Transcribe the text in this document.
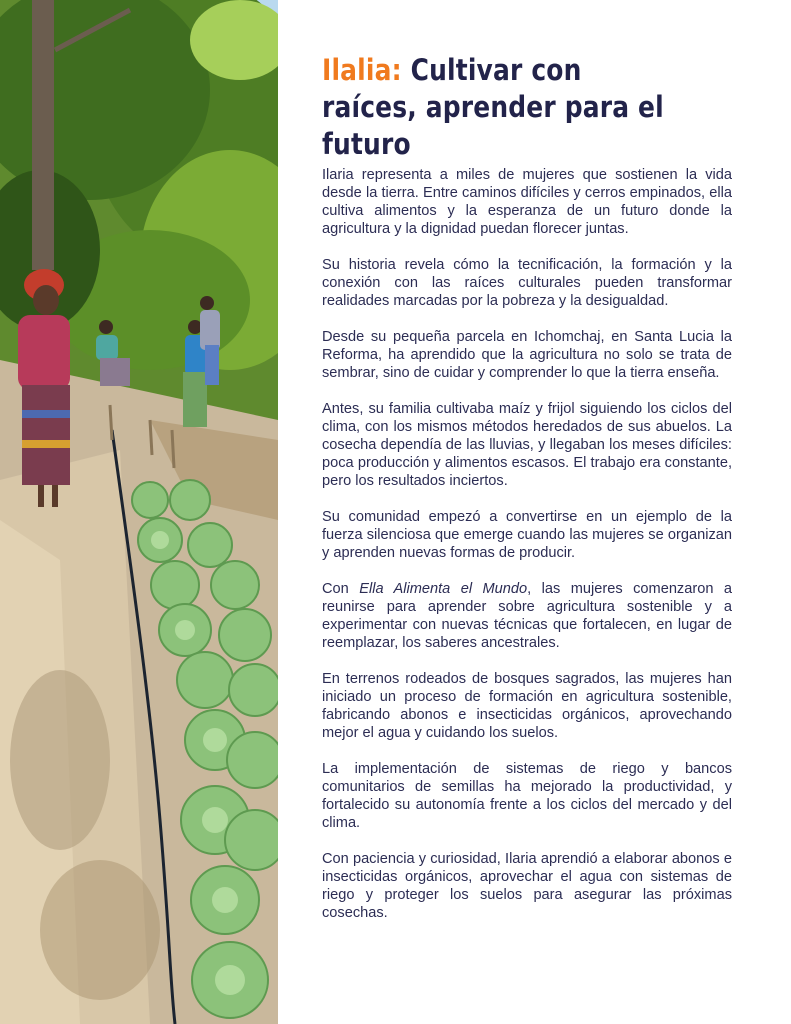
Ilalia: Cultivar con raíces, aprender para el futuro

Ilaria representa a miles de mujeres que sostienen la vida desde la tierra. Entre caminos difíciles y cerros empinados, ella cultiva alimentos y la esperanza de un futuro donde la agricultura y la dignidad puedan florecer juntas.

Su historia revela cómo la tecnificación, la formación y la conexión con las raíces culturales pueden transformar realidades marcadas por la pobreza y la desigualdad.

Desde su pequeña parcela en Ichomchaj, en Santa Lucia la Reforma, ha aprendido que la agricultura no solo se trata de sembrar, sino de cuidar y comprender lo que la tierra enseña.

Antes, su familia cultivaba maíz y frijol siguiendo los ciclos del clima, con los mismos métodos heredados de sus abuelos. La cosecha dependía de las lluvias, y llegaban los meses difíciles: poca producción y alimentos escasos. El trabajo era constante, pero los resultados inciertos.

Su comunidad empezó a convertirse en un ejemplo de la fuerza silenciosa que emerge cuando las mujeres se organizan y aprenden nuevas formas de producir.

Con Ella Alimenta el Mundo, las mujeres comenzaron a reunirse para aprender sobre agricultura sostenible y a experimentar con nuevas técnicas que fortalecen, en lugar de reemplazar, los saberes ancestrales.

En terrenos rodeados de bosques sagrados, las mujeres han iniciado un proceso de formación en agricultura sostenible, fabricando abonos e insecticidas orgánicos, aprovechando mejor el agua y cuidando los suelos.

La implementación de sistemas de riego y bancos comunitarios de semillas ha mejorado la productividad, y fortalecido su autonomía frente a los ciclos del mercado y del clima.

Con paciencia y curiosidad, Ilaria aprendió a elaborar abonos e insecticidas orgánicos, aprovechar el agua con sistemas de riego y proteger los suelos para asegurar las próximas cosechas.
